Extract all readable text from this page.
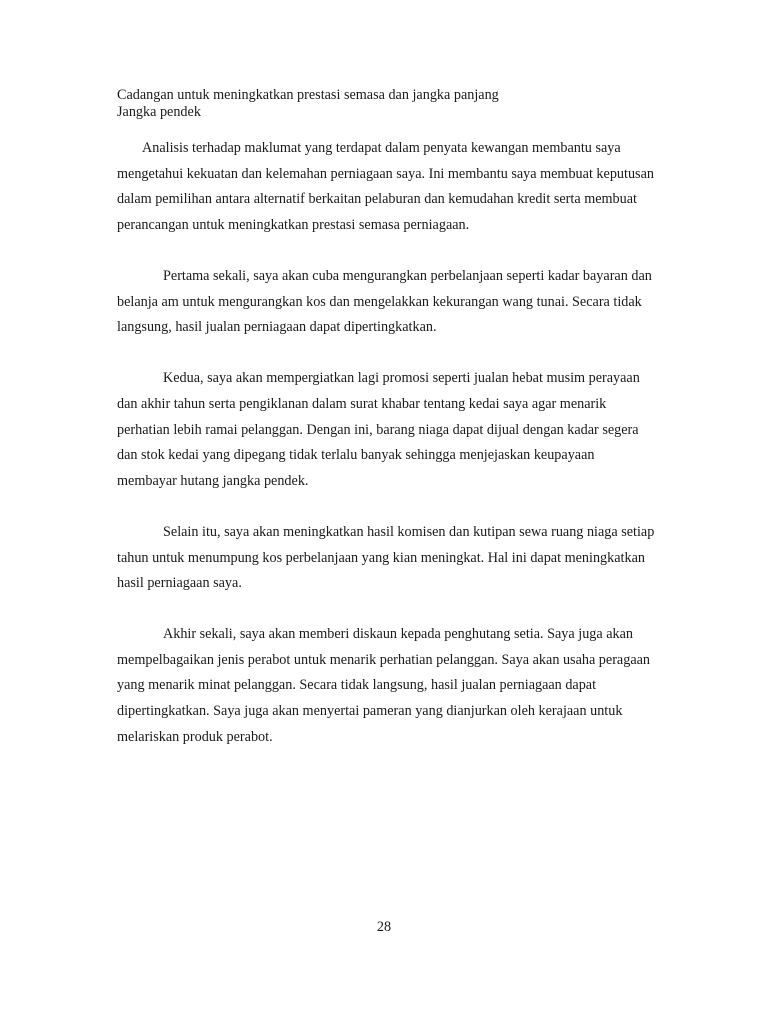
Cadangan untuk meningkatkan prestasi semasa dan jangka panjang

Jangka pendek

Analisis terhadap maklumat yang terdapat dalam penyata kewangan membantu saya mengetahui kekuatan dan kelemahan perniagaan saya. Ini membantu saya membuat keputusan dalam pemilihan antara alternatif berkaitan pelaburan dan kemudahan kredit serta membuat perancangan untuk meningkatkan prestasi semasa perniagaan.

Pertama sekali, saya akan cuba mengurangkan perbelanjaan seperti kadar bayaran dan belanja am untuk mengurangkan kos dan mengelakkan kekurangan wang tunai. Secara tidak langsung, hasil jualan perniagaan dapat dipertingkatkan.

Kedua, saya akan mempergiatkan lagi promosi seperti jualan hebat musim perayaan dan akhir tahun serta pengiklanan dalam surat khabar tentang kedai saya agar menarik perhatian lebih ramai pelanggan. Dengan ini, barang niaga dapat dijual dengan kadar segera dan stok kedai yang dipegang tidak terlalu banyak sehingga menjejaskan keupayaan membayar hutang jangka pendek.

Selain itu, saya akan meningkatkan hasil komisen dan kutipan sewa ruang niaga setiap tahun untuk menumpung kos perbelanjaan yang kian meningkat. Hal ini dapat meningkatkan hasil perniagaan saya.

Akhir sekali, saya akan memberi diskaun kepada penghutang setia. Saya juga akan mempelbagaikan jenis perabot untuk menarik perhatian pelanggan. Saya akan usaha peragaan yang menarik minat pelanggan. Secara tidak langsung, hasil jualan perniagaan dapat dipertingkatkan. Saya juga akan menyertai pameran yang dianjurkan oleh kerajaan untuk melariskan produk perabot.

28
